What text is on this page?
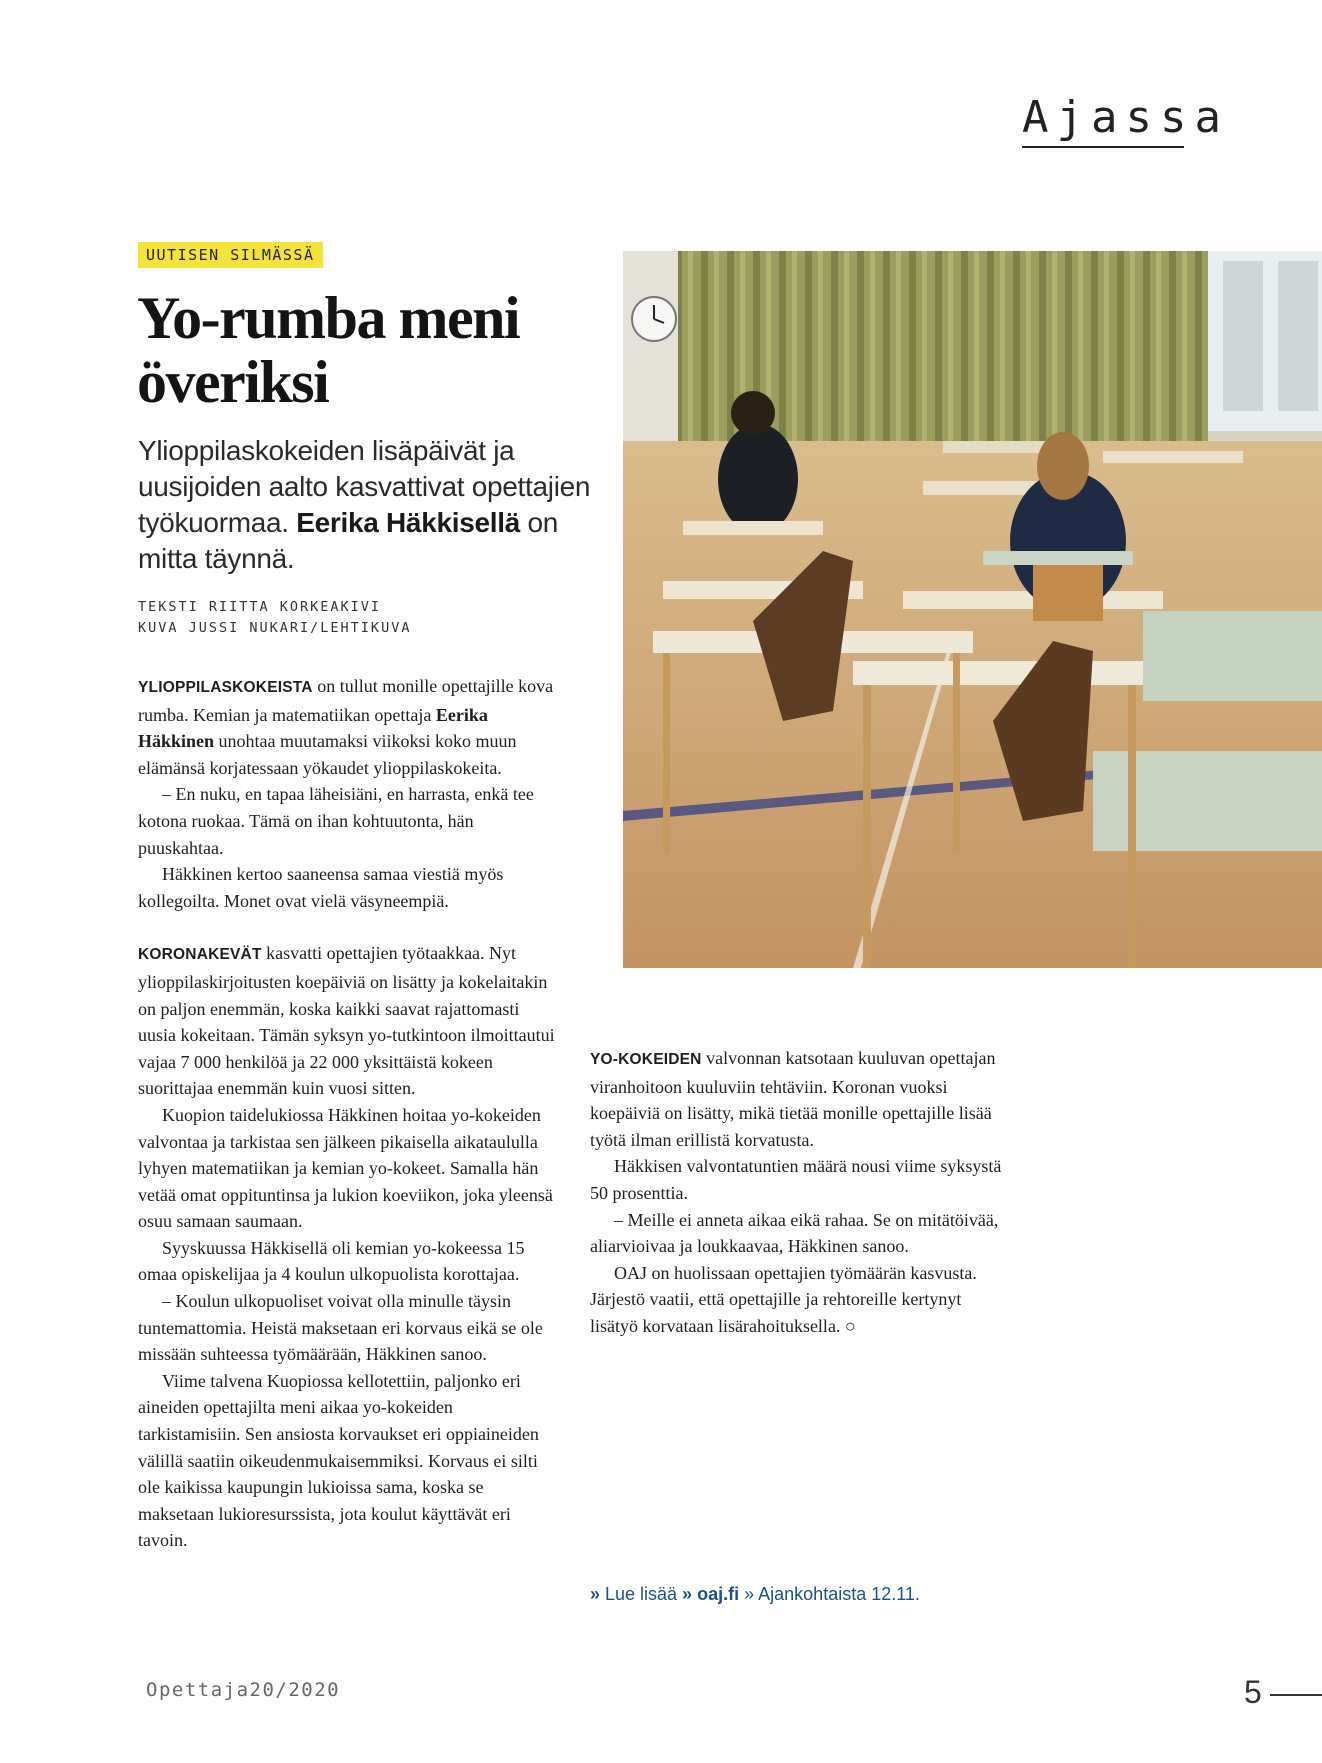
Ajassa
UUTISEN SILMÄSSÄ
Yo-rumba meni
överiksi
Ylioppilaskokeiden lisäpäivät ja uusijoiden aalto kasvattivat opettajien työkuormaa. Eerika Häkkisellä on mitta täynnä.
TEKSTI RIITTA KORKEAKIVI
KUVA JUSSI NUKARI/LEHTIKUVA

YLIOPPILASKOKEISTA on tullut monille opettajille kova rumba. Kemian ja matematiikan opettaja Eerika Häkkinen unohtaa muutamaksi viikoksi koko muun elämänsä korjatessaan yökaudet ylioppilaskokeita.

– En nuku, en tapaa läheisiäni, en harrasta, enkä tee kotona ruokaa. Tämä on ihan kohtuutonta, hän puuskahtaa.

Häkkinen kertoo saaneensa samaa viestiä myös kollegoilta. Monet ovat vielä väsyneempiä.

KORONAKEVÄT kasvatti opettajien työtaakkaa. Nyt ylioppilaskirjoitusten koepäiviä on lisätty ja kokelaitakin on paljon enemmän, koska kaikki saavat rajattomasti uusia kokeitaan. Tämän syksyn yo-tutkintoon ilmoittautui vajaa 7 000 henkilöä ja 22 000 yksittäistä kokeen suorittajaa enemmän kuin vuosi sitten.

Kuopion taidelukiossa Häkkinen hoitaa yo-kokeiden valvontaa ja tarkistaa sen jälkeen pikaisella aikataululla lyhyen matematiikan ja kemian yo-kokeet. Samalla hän vetää omat oppituntinsa ja lukion koeviikon, joka yleensä osuu samaan saumaan.

Syyskuussa Häkkisellä oli kemian yo-kokeessa 15 omaa opiskelijaa ja 4 koulun ulkopuolista korottajaa.

– Koulun ulkopuoliset voivat olla minulle täysin tuntemattomia. Heistä maksetaan eri korvaus eikä se ole missään suhteessa työmäärään, Häkkinen sanoo.

Viime talvena Kuopiossa kellotettiin, paljonko eri aineiden opettajilta meni aikaa yo-kokeiden tarkistamisiin. Sen ansiosta korvaukset eri oppiaineiden välillä saatiin oikeudenmukaisemmiksi. Korvaus ei silti ole kaikissa kaupungin lukioissa sama, koska se maksetaan lukioresurssista, jota koulut käyttävät eri tavoin.

YO-KOKEIDEN valvonnan katsotaan kuuluvan opettajan viranhoitoon kuuluviin tehtäviin. Koronan vuoksi koepäiviä on lisätty, mikä tietää monille opettajille lisää työtä ilman erillistä korvatusta.

Häkkisen valvontatuntien määrä nousi viime syksystä 50 prosenttia.

– Meille ei anneta aikaa eikä rahaa. Se on mitätöivää, aliarvioivaa ja loukkaavaa, Häkkinen sanoo.

OAJ on huolissaan opettajien työmäärän kasvusta. Järjestö vaatii, että opettajille ja rehtoreille kertynyt lisätyö korvataan lisärahoituksella. ○

» Lue lisää » oaj.fi » Ajankohtaista 12.11.
Opettaja20/2020	5
